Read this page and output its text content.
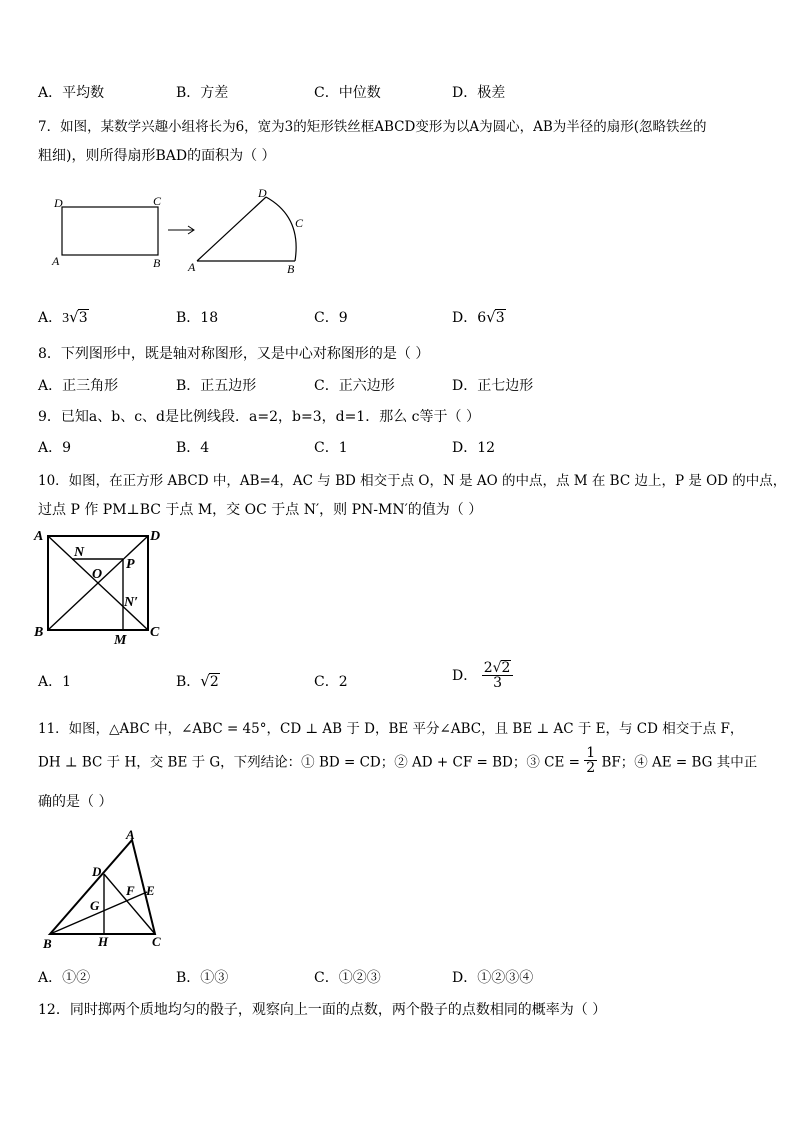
A．平均数	B．方差	C．中位数	D．极差
7．如图，某数学兴趣小组将长为6，宽为3的矩形铁丝框ABCD变形为以A为圆心，AB为半径的扇形(忽略铁丝的
粗细)，则所得扇形BAD的面积为（ ）
D	C
A	B
D
C
A	B
A．3√3	B．18	C．9	D．6√3
8．下列图形中，既是轴对称图形，又是中心对称图形的是（ ）
A．正三角形	B．正五边形	C．正六边形	D．正七边形
9．已知a、b、c、d是比例线段．a=2，b=3，d=1．那么 c等于（ ）
A．9	B．4	C．1	D．12
10．如图，在正方形 ABCD 中，AB=4，AC 与 BD 相交于点 O，N 是 AO 的中点，点 M 在 BC 边上，P 是 OD 的中点，
过点 P 作 PM⊥BC 于点 M，交 OC 于点 N′，则 PN-MN′的值为（ ）
A	D
B	C
N
O
P
N′
M
A．1	B．√2	C．2	D． $\frac{2√2}{3}$
11．如图，△ABC 中，∠ABC = 45°，CD ⊥ AB 于 D，BE 平分∠ABC，且 BE ⊥ AC 于 E，与 CD 相交于点 F，
DH ⊥ BC 于 H，交 BE 于 G，下列结论：① BD = CD；② AD + CF = BD；③ CE = $\frac{1}{2}$ BF；④ AE = BG 其中正
确的是（ ）
A
D
F E
G
B	H	C
A．①②	B．①③	C．①②③	D．①②③④
12．同时掷两个质地均匀的骰子，观察向上一面的点数，两个骰子的点数相同的概率为（ ）
